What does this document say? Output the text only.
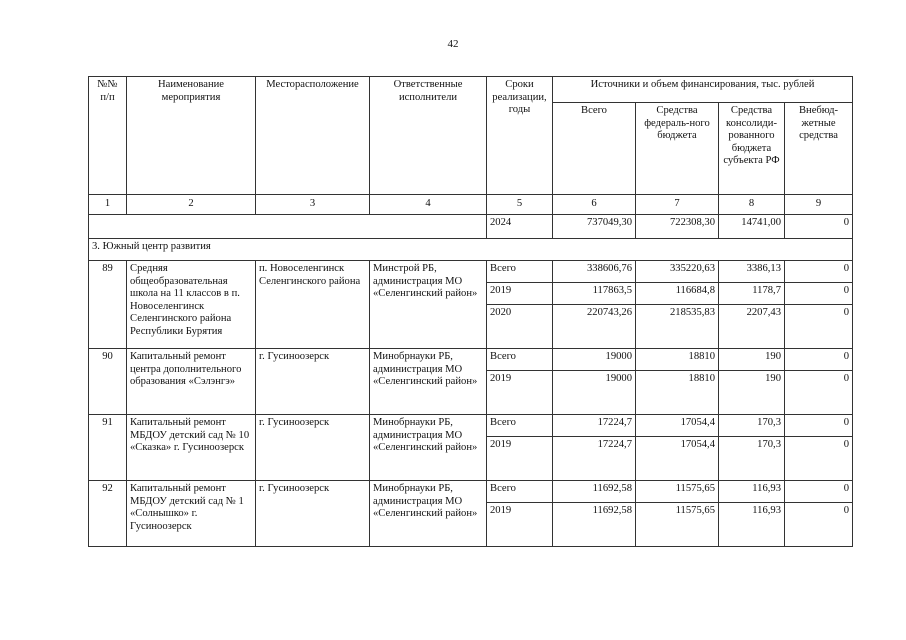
42
№№ п/п	Наименование мероприятия	Месторасположение	Ответственные исполнители	Сроки реализации, годы	Источники и объем финансирования, тыс. рублей			
					Всего	Средства федераль-ного бюджета	Средства консолиди-рованного бюджета субъекта РФ	Внебюд-жетные средства
1	2	3	4	5	6	7	8	9
				2024	737049,30	722308,30	14741,00	0
3. Южный центр развития								
89	Средняя общеобразовательная школа на 11 классов в п. Новоселенгинск Селенгинского района Республики Бурятия	п. Новоселенгинск Селенгинского района	Минстрой РБ, администрация МО «Селенгинский район»	Всего	338606,76	335220,63	3386,13	0
				2019	117863,5	116684,8	1178,7	0
				2020	220743,26	218535,83	2207,43	0
90	Капитальный ремонт центра дополнительного образования «Сэлэнгэ»	г. Гусиноозерск	Минобрнауки РБ, администрация МО «Селенгинский район»	Всего	19000	18810	190	0
				2019	19000	18810	190	0
91	Капитальный ремонт МБДОУ детский сад № 10 «Сказка» г. Гусиноозерск	г. Гусиноозерск	Минобрнауки РБ, администрация МО «Селенгинский район»	Всего	17224,7	17054,4	170,3	0
				2019	17224,7	17054,4	170,3	0
92	Капитальный ремонт МБДОУ детский сад № 1 «Солнышко» г. Гусиноозерск	г. Гусиноозерск	Минобрнауки РБ, администрация МО «Селенгинский район»	Всего	11692,58	11575,65	116,93	0
				2019	11692,58	11575,65	116,93	0
